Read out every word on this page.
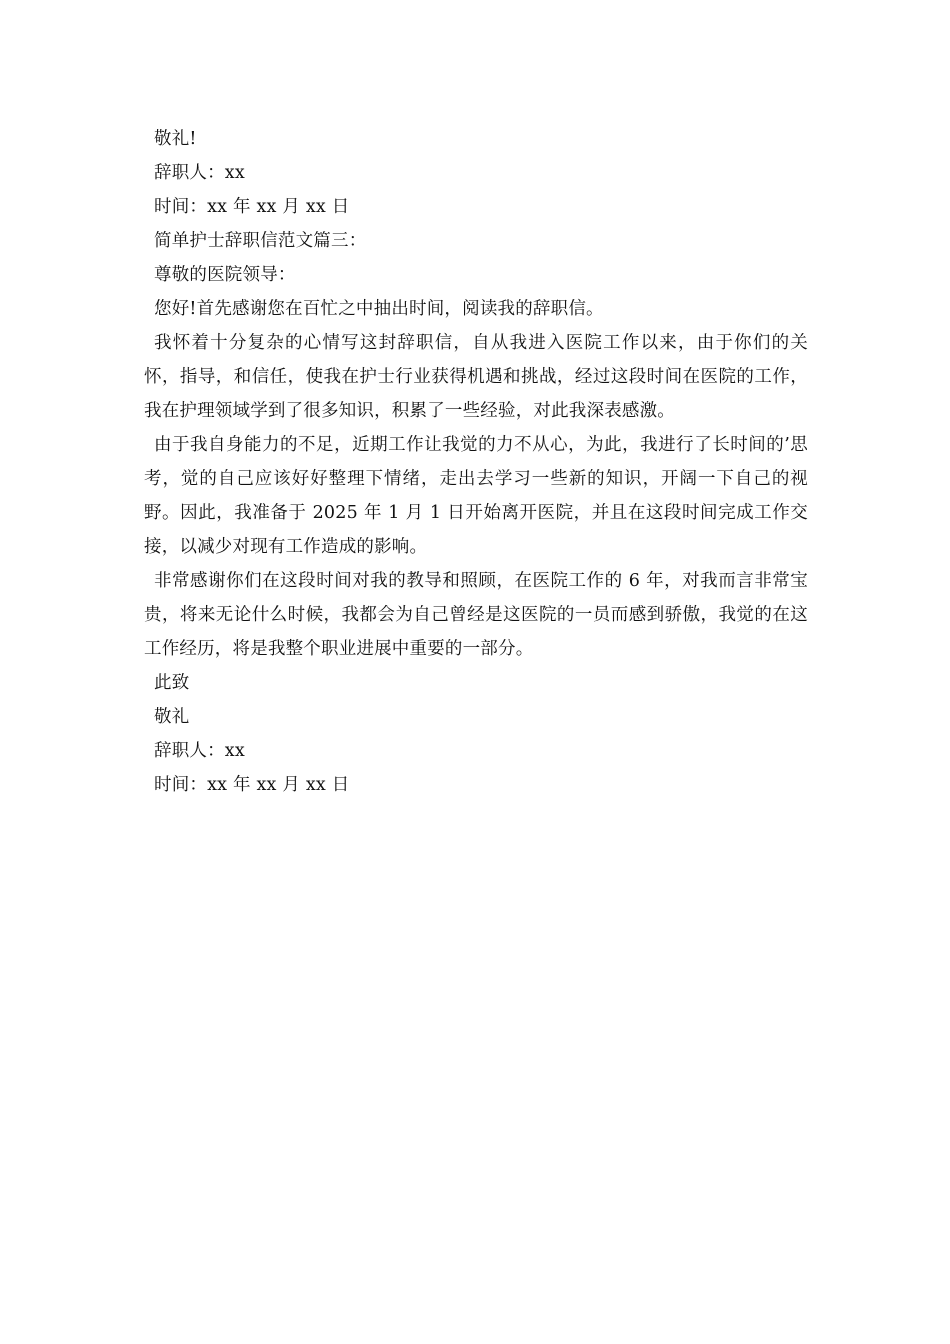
敬礼!
辞职人：xx
时间：xx 年 xx 月 xx 日
简单护士辞职信范文篇三：
尊敬的医院领导：
您好!首先感谢您在百忙之中抽出时间，阅读我的辞职信。

我怀着十分复杂的心情写这封辞职信，自从我进入医院工作以来，由于你们的关怀，指导，和信任，使我在护士行业获得机遇和挑战，经过这段时间在医院的工作，我在护理领域学到了很多知识，积累了一些经验，对此我深表感激。

由于我自身能力的不足，近期工作让我觉的力不从心，为此，我进行了长时间的’思考，觉的自己应该好好整理下情绪，走出去学习一些新的知识，开阔一下自己的视野。因此，我准备于 2025 年 1 月 1 日开始离开医院，并且在这段时间完成工作交接，以减少对现有工作造成的影响。

非常感谢你们在这段时间对我的教导和照顾，在医院工作的 6 年，对我而言非常宝贵，将来无论什么时候，我都会为自己曾经是这医院的一员而感到骄傲，我觉的在这工作经历，将是我整个职业进展中重要的一部分。

此致
敬礼
辞职人：xx
时间：xx 年 xx 月 xx 日
